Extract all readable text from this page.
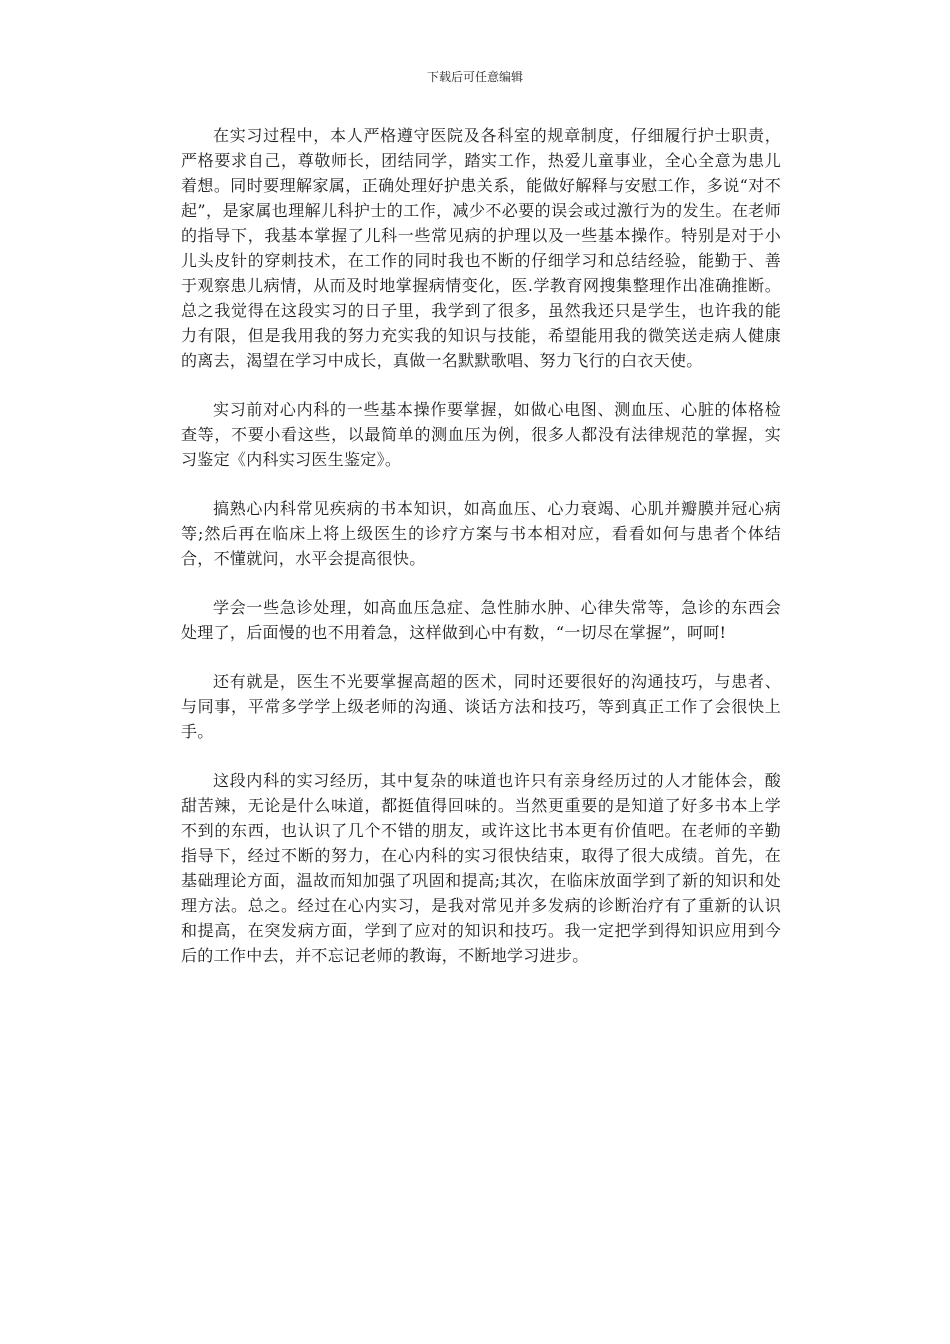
下载后可任意编辑

在实习过程中，本人严格遵守医院及各科室的规章制度，仔细履行护士职责，严格要求自己，尊敬师长，团结同学，踏实工作，热爱儿童事业，全心全意为患儿着想。同时要理解家属，正确处理好护患关系，能做好解释与安慰工作，多说“对不起”，是家属也理解儿科护士的工作，减少不必要的误会或过激行为的发生。在老师的指导下，我基本掌握了儿科一些常见病的护理以及一些基本操作。特别是对于小儿头皮针的穿刺技术，在工作的同时我也不断的仔细学习和总结经验，能勤于、善于观察患儿病情，从而及时地掌握病情变化，医.学教育网搜集整理作出准确推断。总之我觉得在这段实习的日子里，我学到了很多，虽然我还只是学生，也许我的能力有限，但是我用我的努力充实我的知识与技能，希望能用我的微笑送走病人健康的离去，渴望在学习中成长，真做一名默默歌唱、努力飞行的白衣天使。

实习前对心内科的一些基本操作要掌握，如做心电图、测血压、心脏的体格检查等，不要小看这些，以最简单的测血压为例，很多人都没有法律规范的掌握，实习鉴定《内科实习医生鉴定》。

搞熟心内科常见疾病的书本知识，如高血压、心力衰竭、心肌并瓣膜并冠心病等;然后再在临床上将上级医生的诊疗方案与书本相对应，看看如何与患者个体结合，不懂就问，水平会提高很快。

学会一些急诊处理，如高血压急症、急性肺水肿、心律失常等，急诊的东西会处理了，后面慢的也不用着急，这样做到心中有数，“一切尽在掌握”，呵呵!

还有就是，医生不光要掌握高超的医术，同时还要很好的沟通技巧，与患者、与同事，平常多学学上级老师的沟通、谈话方法和技巧，等到真正工作了会很快上手。

这段内科的实习经历，其中复杂的味道也许只有亲身经历过的人才能体会，酸甜苦辣，无论是什么味道，都挺值得回味的。当然更重要的是知道了好多书本上学不到的东西，也认识了几个不错的朋友，或许这比书本更有价值吧。在老师的辛勤指导下，经过不断的努力，在心内科的实习很快结束，取得了很大成绩。首先，在基础理论方面，温故而知加强了巩固和提高;其次，在临床放面学到了新的知识和处理方法。总之。经过在心内实习，是我对常见并多发病的诊断治疗有了重新的认识和提高，在突发病方面，学到了应对的知识和技巧。我一定把学到得知识应用到今后的工作中去，并不忘记老师的教诲，不断地学习进步。
